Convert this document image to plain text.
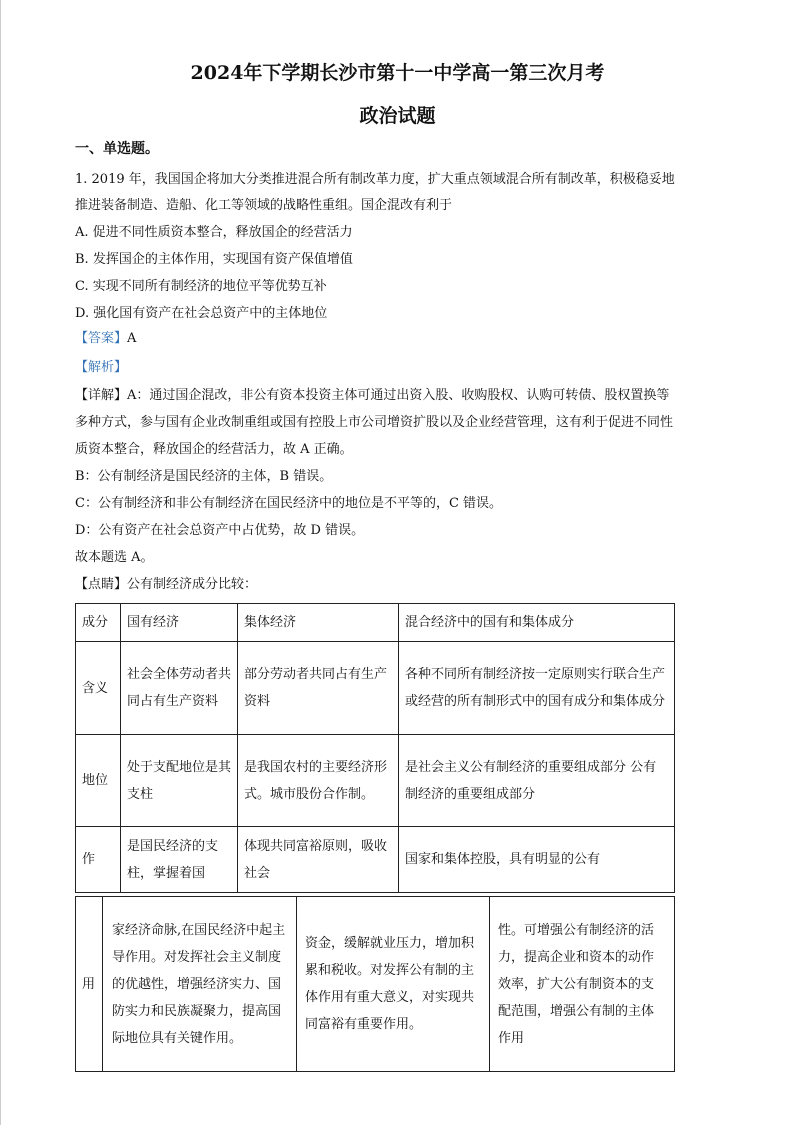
2024年下学期长沙市第十一中学高一第三次月考
政治试题
一、单选题。
1. 2019 年，我国国企将加大分类推进混合所有制改革力度，扩大重点领域混合所有制改革，积极稳妥地
推进装备制造、造船、化工等领域的战略性重组。国企混改有利于
A. 促进不同性质资本整合，释放国企的经营活力
B. 发挥国企的主体作用，实现国有资产保值增值
C. 实现不同所有制经济的地位平等优势互补
D. 强化国有资产在社会总资产中的主体地位
【答案】A
【解析】
【详解】A：通过国企混改，非公有资本投资主体可通过出资入股、收购股权、认购可转债、股权置换等
多种方式，参与国有企业改制重组或国有控股上市公司增资扩股以及企业经营管理，这有利于促进不同性
质资本整合，释放国企的经营活力，故 A 正确。
B：公有制经济是国民经济的主体，B 错误。
C：公有制经济和非公有制经济在国民经济中的地位是不平等的，C 错误。
D：公有资产在社会总资产中占优势，故 D 错误。
故本题选 A。
【点睛】公有制经济成分比较：
成分	国有经济	集体经济	混合经济中的国有和集体成分
含义	社会全体劳动者共同占有生产资料	部分劳动者共同占有生产资料	各种不同所有制经济按一定原则实行联合生产或经营的所有制形式中的国有成分和集体成分
地位	处于支配地位是其支柱	是我国农村的主要经济形式。城市股份合作制。	是社会主义公有制经济的重要组成部分 公有制经济的重要组成部分
作	是国民经济的支柱，掌握着国	体现共同富裕原则，吸收社会	国家和集体控股，具有明显的公有
用	家经济命脉,在国民经济中起主导作用。对发挥社会主义制度的优越性，增强经济实力、国防实力和民族凝聚力，提高国际地位具有关键作用。	资金，缓解就业压力，增加积累和税收。对发挥公有制的主体作用有重大意义，对实现共同富裕有重要作用。	性。可增强公有制经济的活力，提高企业和资本的动作效率，扩大公有制资本的支配范围，增强公有制的主体作用
